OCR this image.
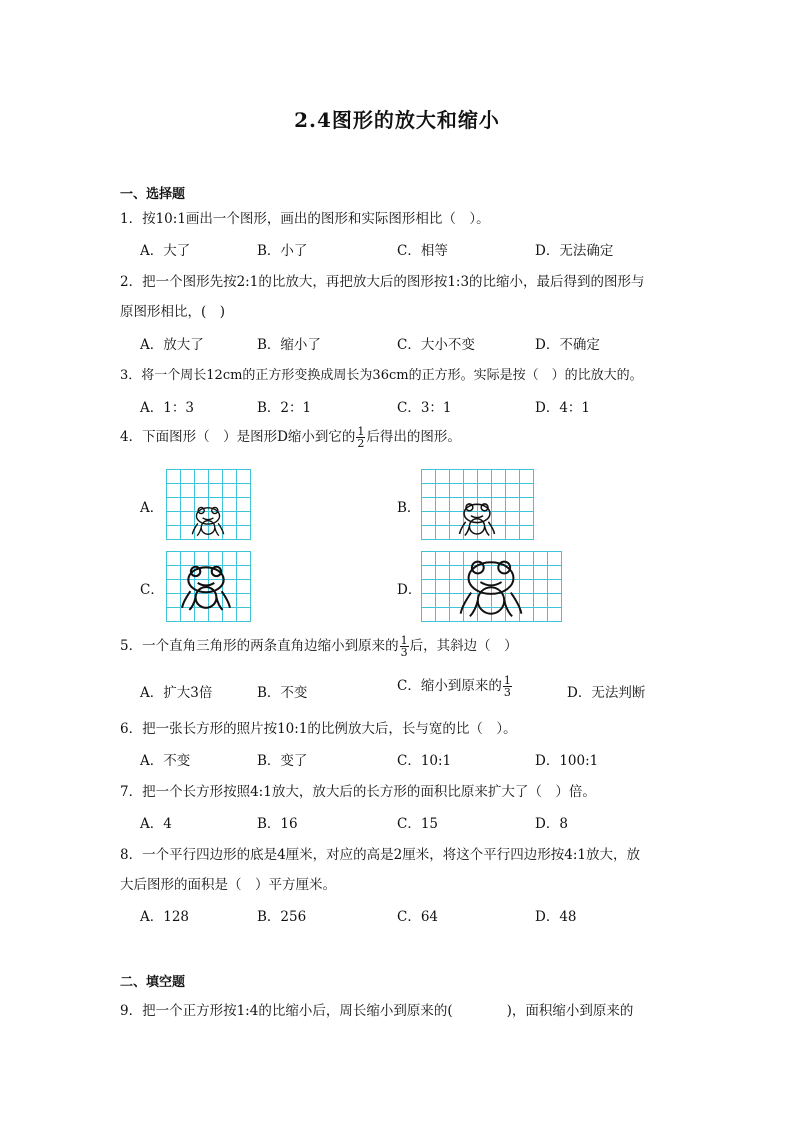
2.4图形的放大和缩小
一、选择题
1．按10:1画出一个图形，画出的图形和实际图形相比（　）。
A．大了	B．小了	C．相等	D．无法确定
2．把一个图形先按2:1的比放大，再把放大后的图形按1:3的比缩小，最后得到的图形与
原图形相比，(　)
A．放大了	B．缩小了	C．大小不变	D．不确定
3．将一个周长12cm的正方形变换成周长为36cm的正方形。实际是按（　）的比放大的。
A．1：3	B．2：1	C．3：1	D．4：1
4．下面图形（　）是图形D缩小到它的 $\frac{1}{2}$ 后得出的图形。
A．	B．
C．	D．
5．一个直角三角形的两条直角边缩小到原来的 $\frac{1}{3}$ 后，其斜边（　）
A．扩大3倍	B．不变	C．缩小到原来的 $\frac{1}{3}$	D．无法判断
6．把一张长方形的照片按10:1的比例放大后，长与宽的比（　）。
A．不变	B．变了	C．10:1	D．100:1
7．把一个长方形按照4:1放大，放大后的长方形的面积比原来扩大了（　）倍。
A．4	B．16	C．15	D．8
8．一个平行四边形的底是4厘米，对应的高是2厘米，将这个平行四边形按4:1放大，放
大后图形的面积是（　）平方厘米。
A．128	B．256	C．64	D．48
二、填空题
9．把一个正方形按1:4的比缩小后，周长缩小到原来的(　　　　)，面积缩小到原来的
